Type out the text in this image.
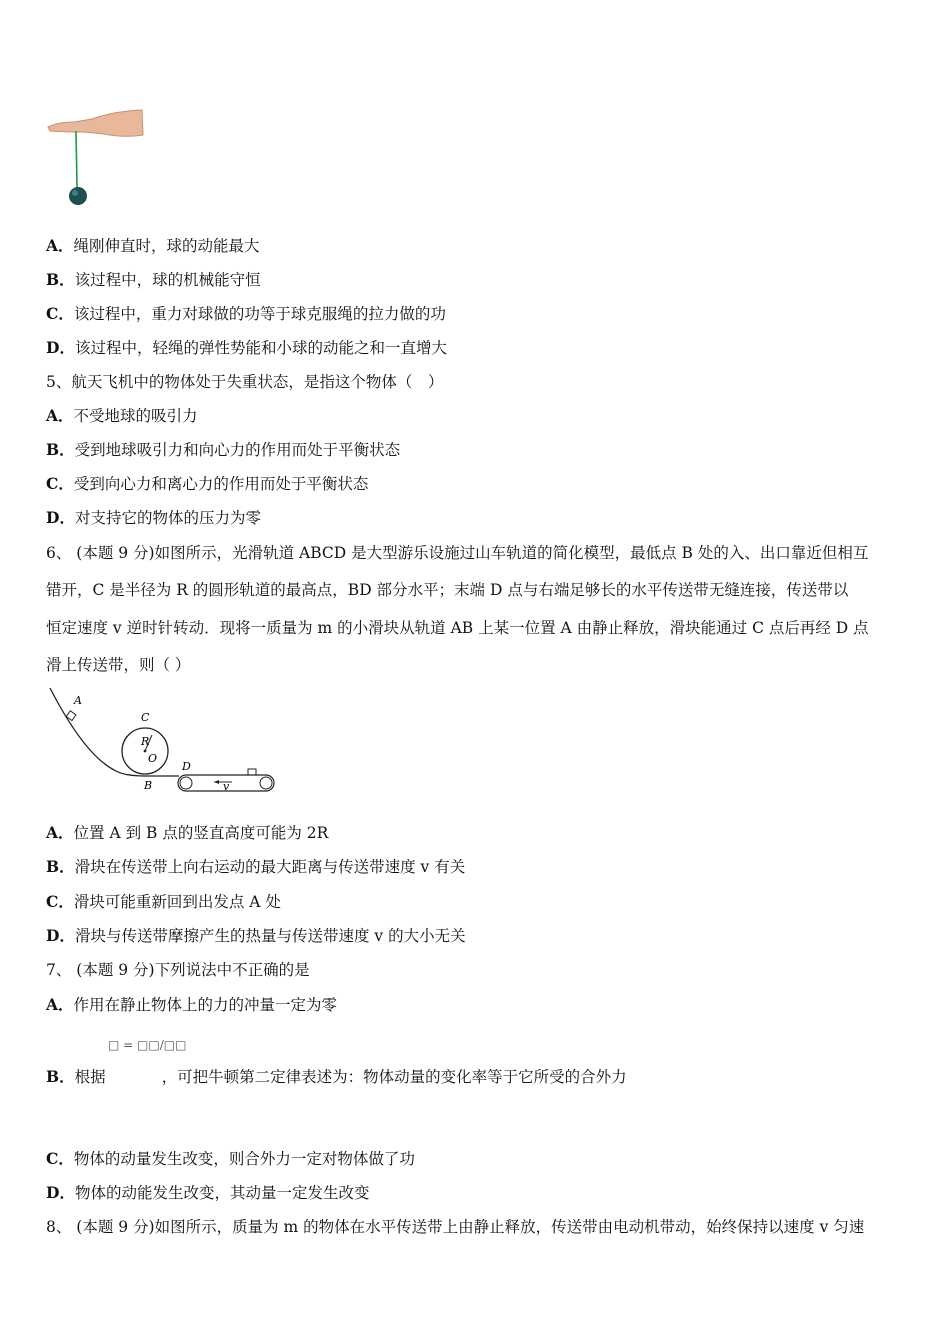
A．绳刚伸直时，球的动能最大
B．该过程中，球的机械能守恒
C．该过程中，重力对球做的功等于球克服绳的拉力做的功
D．该过程中，轻绳的弹性势能和小球的动能之和一直增大
5、航天飞机中的物体处于失重状态，是指这个物体（　）
A．不受地球的吸引力
B．受到地球吸引力和向心力的作用而处于平衡状态
C．受到向心力和离心力的作用而处于平衡状态
D．对支持它的物体的压力为零
6、 (本题 9 分)如图所示，光滑轨道 ABCD 是大型游乐设施过山车轨道的简化模型，最低点 B 处的入、出口靠近但相互
错开，C 是半径为 R 的圆形轨道的最高点，BD 部分水平；末端 D 点与右端足够长的水平传送带无缝连接，传送带以
恒定速度 v 逆时针转动．现将一质量为 m 的小滑块从轨道 AB 上某一位置 A 由静止释放，滑块能通过 C 点后再经 D 点
滑上传送带，则（ ）
A
C
R
O
D
B	v
A．位置 A 到 B 点的竖直高度可能为 2R
B．滑块在传送带上向右运动的最大距离与传送带速度 v 有关
C．滑块可能重新回到出发点 A 处
D．滑块与传送带摩擦产生的热量与传送带速度 v 的大小无关
7、 (本题 9 分)下列说法中不正确的是
A．作用在静止物体上的力的冲量一定为零
□ = □□/□□
B．根据	，可把牛顿第二定律表述为：物体动量的变化率等于它所受的合外力
C．物体的动量发生改变，则合外力一定对物体做了功
D．物体的动能发生改变，其动量一定发生改变
8、 (本题 9 分)如图所示，质量为 m 的物体在水平传送带上由静止释放，传送带由电动机带动，始终保持以速度 v 匀速
